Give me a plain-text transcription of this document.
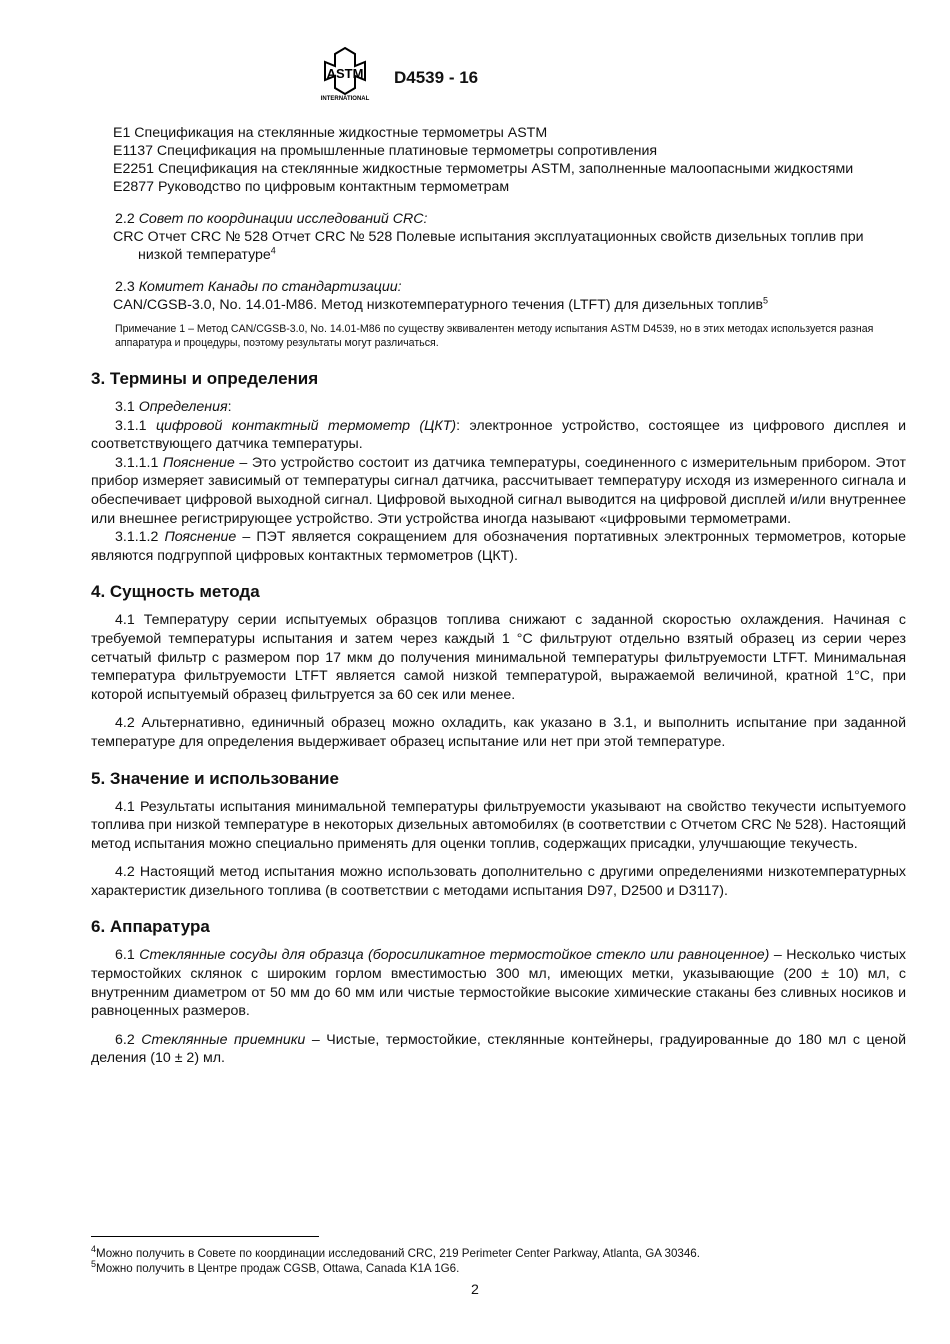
ASTM
INTERNATIONAL
D4539 - 16

E1 Спецификация на стеклянные жидкостные термометры ASTM

E1137 Спецификация на промышленные платиновые термометры сопротивления

E2251 Спецификация на стеклянные жидкостные термометры ASTM, заполненные малоопасными жидкостями

E2877 Руководство по цифровым контактным термометрам

2.2 Совет по координации исследований CRC:

CRC Отчет CRC № 528 Отчет CRC № 528 Полевые испытания эксплуатационных свойств дизельных топлив при низкой температуре$^4$

2.3 Комитет Канады по стандартизации:

CAN/CGSB-3.0, No. 14.01-M86. Метод низкотемпературного течения (LTFT) для дизельных топлив$^5$

Примечание 1 – Метод CAN/CGSB-3.0, No. 14.01-M86 по существу эквивалентен методу испытания ASTM D4539, но в этих методах используется разная аппаратура и процедуры, поэтому результаты могут различаться.

3. Термины и определения

3.1 Определения:

3.1.1 цифровой контактный термометр (ЦКТ): электронное устройство, состоящее из цифрового дисплея и соответствующего датчика температуры.

3.1.1.1 Пояснение – Это устройство состоит из датчика температуры, соединенного с измерительным прибором. Этот прибор измеряет зависимый от температуры сигнал датчика, рассчитывает температуру исходя из измеренного сигнала и обеспечивает цифровой выходной сигнал. Цифровой выходной сигнал выводится на цифровой дисплей и/или внутреннее или внешнее регистрирующее устройство. Эти устройства иногда называют «цифровыми термометрами.

3.1.1.2 Пояснение – ПЭТ является сокращением для обозначения портативных электронных термометров, которые являются подгруппой цифровых контактных термометров (ЦКТ).

4. Сущность метода

4.1 Температуру серии испытуемых образцов топлива снижают с заданной скоростью охлаждения. Начиная с требуемой температуры испытания и затем через каждый 1 °C фильтруют отдельно взятый образец из серии через сетчатый фильтр с размером пор 17 мкм до получения минимальной температуры фильтруемости LTFT. Минимальная температура фильтруемости LTFT является самой низкой температурой, выражаемой величиной, кратной 1°C, при которой испытуемый образец фильтруется за 60 сек или менее.

4.2 Альтернативно, единичный образец можно охладить, как указано в 3.1, и выполнить испытание при заданной температуре для определения выдерживает образец испытание или нет при этой температуре.

5. Значение и использование

4.1 Результаты испытания минимальной температуры фильтруемости указывают на свойство текучести испытуемого топлива при низкой температуре в некоторых дизельных автомобилях (в соответствии с Отчетом CRC № 528). Настоящий метод испытания можно специально применять для оценки топлив, содержащих присадки, улучшающие текучесть.

4.2 Настоящий метод испытания можно использовать дополнительно с другими определениями низкотемпературных характеристик дизельного топлива (в соответствии с методами испытания D97, D2500 и D3117).

6. Аппаратура

6.1 Стеклянные сосуды для образца (боросиликатное термостойкое стекло или равноценное) – Несколько чистых термостойких склянок с широким горлом вместимостью 300 мл, имеющих метки, указывающие (200 ± 10) мл, с внутренним диаметром от 50 мм до 60 мм или чистые термостойкие высокие химические стаканы без сливных носиков и равноценных размеров.

6.2 Стеклянные приемники – Чистые, термостойкие, стеклянные контейнеры, градуированные до 180 мл с ценой деления (10 ± 2) мл.

$^4$Можно получить в Совете по координации исследований CRC, 219 Perimeter Center Parkway, Atlanta, GA 30346.

$^5$Можно получить в Центре продаж CGSB, Ottawa, Canada K1A 1G6.

2
